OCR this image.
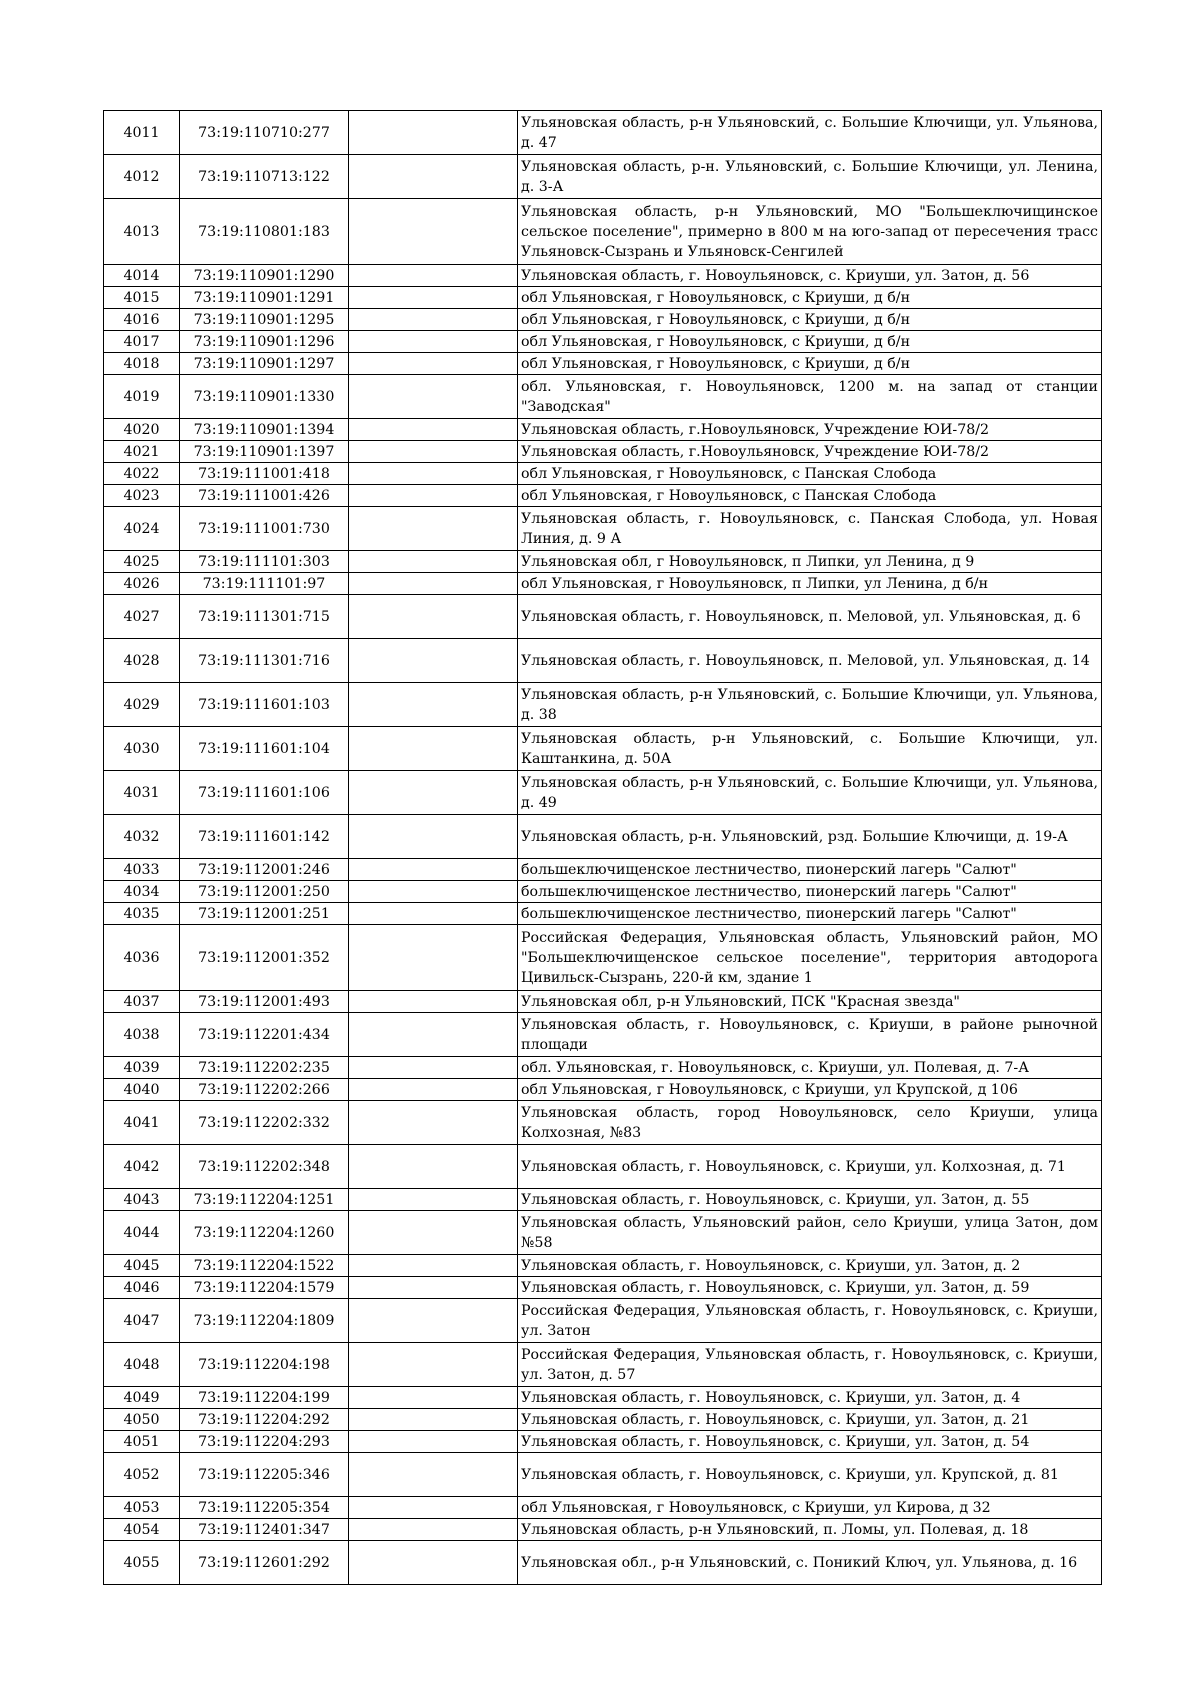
4011	73:19:110710:277		Ульяновская область, р-н Ульяновский, с. Большие Ключищи, ул. Ульянова, д. 47
4012	73:19:110713:122		Ульяновская область, р-н. Ульяновский, с. Большие Ключищи, ул. Ленина, д. 3-А
4013	73:19:110801:183		Ульяновская область, р-н Ульяновский, МО "Большеключищинское сельское поселение", примерно в 800 м на юго-запад от пересечения трасс Ульяновск-Сызрань и Ульяновск-Сенгилей
4014	73:19:110901:1290		Ульяновская область, г. Новоульяновск, с. Криуши, ул. Затон, д. 56
4015	73:19:110901:1291		обл Ульяновская, г Новоульяновск, с Криуши, д б/н
4016	73:19:110901:1295		обл Ульяновская, г Новоульяновск, с Криуши, д б/н
4017	73:19:110901:1296		обл Ульяновская, г Новоульяновск, с Криуши, д б/н
4018	73:19:110901:1297		обл Ульяновская, г Новоульяновск, с Криуши, д б/н
4019	73:19:110901:1330		обл. Ульяновская, г. Новоульяновск, 1200 м. на запад от станции "Заводская"
4020	73:19:110901:1394		Ульяновская область, г.Новоульяновск, Учреждение ЮИ-78/2
4021	73:19:110901:1397		Ульяновская область, г.Новоульяновск, Учреждение ЮИ-78/2
4022	73:19:111001:418		обл Ульяновская, г Новоульяновск, с Панская Слобода
4023	73:19:111001:426		обл Ульяновская, г Новоульяновск, с Панская Слобода
4024	73:19:111001:730		Ульяновская область, г. Новоульяновск, с. Панская Слобода, ул. Новая Линия, д. 9 А
4025	73:19:111101:303		Ульяновская обл, г Новоульяновск, п Липки, ул Ленина, д 9
4026	73:19:111101:97		обл Ульяновская, г Новоульяновск, п Липки, ул Ленина, д б/н
4027	73:19:111301:715		Ульяновская область, г. Новоульяновск, п. Меловой, ул. Ульяновская, д. 6
4028	73:19:111301:716		Ульяновская область, г. Новоульяновск, п. Меловой, ул. Ульяновская, д. 14
4029	73:19:111601:103		Ульяновская область, р-н Ульяновский, с. Большие Ключищи, ул. Ульянова, д. 38
4030	73:19:111601:104		Ульяновская область, р-н Ульяновский, с. Большие Ключищи, ул. Каштанкина, д. 50А
4031	73:19:111601:106		Ульяновская область, р-н Ульяновский, с. Большие Ключищи, ул. Ульянова, д. 49
4032	73:19:111601:142		Ульяновская область, р-н. Ульяновский, рзд. Большие Ключищи, д. 19-А
4033	73:19:112001:246		большеключищенское лестничество, пионерский лагерь "Салют"
4034	73:19:112001:250		большеключищенское лестничество, пионерский лагерь "Салют"
4035	73:19:112001:251		большеключищенское лестничество, пионерский лагерь "Салют"
4036	73:19:112001:352		Российская Федерация, Ульяновская область, Ульяновский район, МО "Большеключищенское сельское поселение", территория автодорога Цивильск-Сызрань, 220-й км, здание 1
4037	73:19:112001:493		Ульяновская обл, р-н Ульяновский, ПСК "Красная звезда"
4038	73:19:112201:434		Ульяновская область, г. Новоульяновск, с. Криуши, в районе рыночной площади
4039	73:19:112202:235		обл. Ульяновская, г. Новоульяновск, с. Криуши, ул. Полевая, д. 7-А
4040	73:19:112202:266		обл Ульяновская, г Новоульяновск, с Криуши, ул Крупской, д 106
4041	73:19:112202:332		Ульяновская область, город Новоульяновск, село Криуши, улица Колхозная, №83
4042	73:19:112202:348		Ульяновская область, г. Новоульяновск, с. Криуши, ул. Колхозная, д. 71
4043	73:19:112204:1251		Ульяновская область, г. Новоульяновск, с. Криуши, ул. Затон, д. 55
4044	73:19:112204:1260		Ульяновская область, Ульяновский район, село Криуши, улица Затон, дом №58
4045	73:19:112204:1522		Ульяновская область, г. Новоульяновск, с. Криуши, ул. Затон, д. 2
4046	73:19:112204:1579		Ульяновская область, г. Новоульяновск, с. Криуши, ул. Затон, д. 59
4047	73:19:112204:1809		Российская Федерация, Ульяновская область, г. Новоульяновск, с. Криуши, ул. Затон
4048	73:19:112204:198		Российская Федерация, Ульяновская область, г. Новоульяновск, с. Криуши, ул. Затон, д. 57
4049	73:19:112204:199		Ульяновская область, г. Новоульяновск, с. Криуши, ул. Затон, д. 4
4050	73:19:112204:292		Ульяновская область, г. Новоульяновск, с. Криуши, ул. Затон, д. 21
4051	73:19:112204:293		Ульяновская область, г. Новоульяновск, с. Криуши, ул. Затон, д. 54
4052	73:19:112205:346		Ульяновская область, г. Новоульяновск, с. Криуши, ул. Крупской, д. 81
4053	73:19:112205:354		обл Ульяновская, г Новоульяновск, с Криуши, ул Кирова, д 32
4054	73:19:112401:347		Ульяновская область, р-н Ульяновский, п. Ломы, ул. Полевая, д. 18
4055	73:19:112601:292		Ульяновская обл., р-н Ульяновский, с. Поникий Ключ, ул. Ульянова, д. 16
